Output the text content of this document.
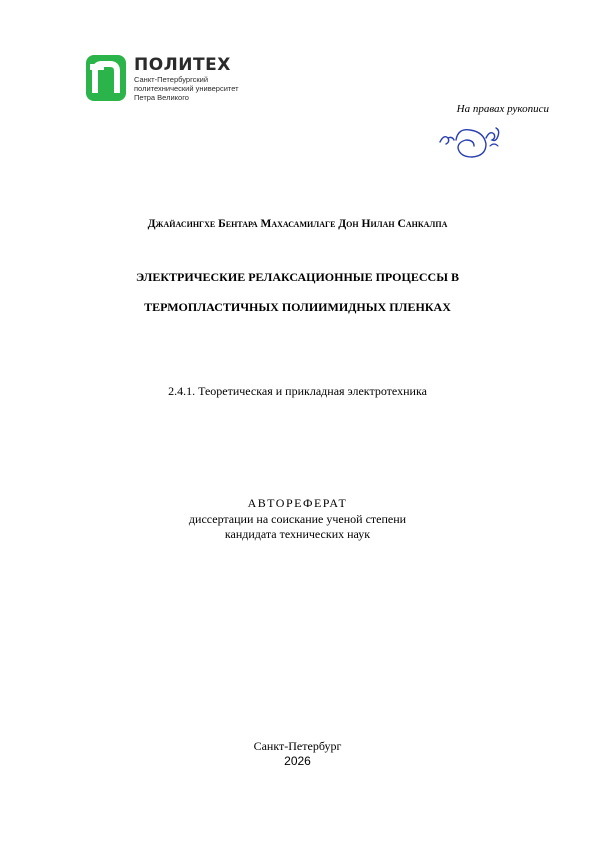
ПОЛИТЕХ
Санкт-Петербургский
политехнический университет
Петра Великого
На правах рукописи
Джайасингхе Бентара Махасамилаге Дон Нилан Санкалпа
ЭЛЕКТРИЧЕСКИЕ РЕЛАКСАЦИОННЫЕ ПРОЦЕССЫ В
ТЕРМОПЛАСТИЧНЫХ ПОЛИИМИДНЫХ ПЛЕНКАХ
2.4.1. Теоретическая и прикладная электротехника
АВТОРЕФЕРАТ
диссертации на соискание ученой степени
кандидата технических наук
Санкт-Петербург
2026
